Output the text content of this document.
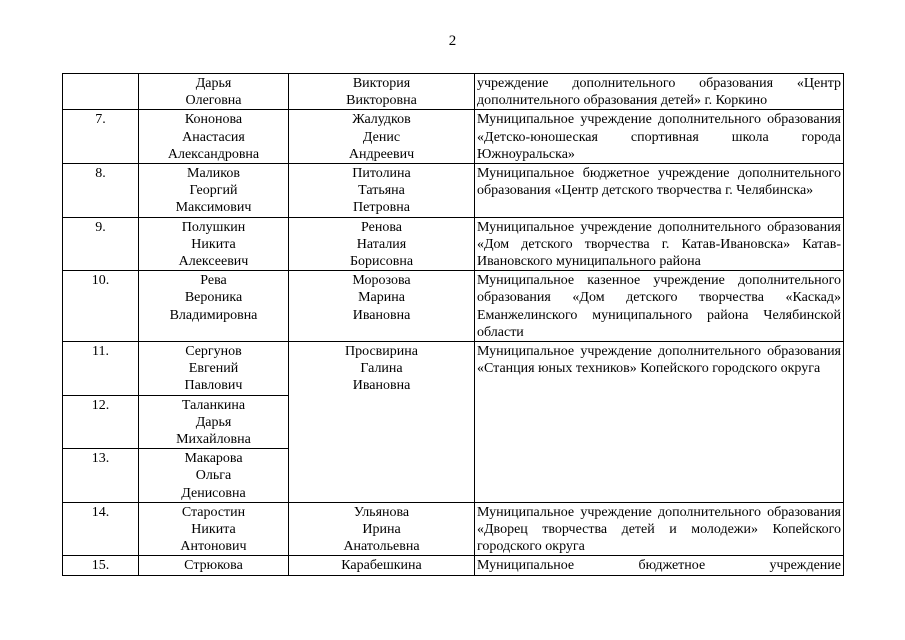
2

	Дарья
Олеговна	Виктория
Викторовна	учреждение дополнительного образования «Центр дополнительного образования детей» г. Коркино
7.	Кононова
Анастасия
Александровна	Жалудков
Денис
Андреевич	Муниципальное учреждение дополнительного образования «Детско-юношеская спортивная школа города Южноуральска»
8.	Маликов
Георгий
Максимович	Питолина
Татьяна
Петровна	Муниципальное бюджетное учреждение дополнительного образования «Центр детского творчества г. Челябинска»
9.	Полушкин
Никита
Алексеевич	Ренова
Наталия
Борисовна	Муниципальное учреждение дополнительного образования «Дом детского творчества г. Катав-Ивановска» Катав-Ивановского муниципального района
10.	Рева
Вероника
Владимировна	Морозова
Марина
Ивановна	Муниципальное казенное учреждение дополнительного образования «Дом детского творчества «Каскад» Еманжелинского муниципального района Челябинской области
11.	Сергунов
Евгений
Павлович	Просвирина
Галина
Ивановна	Муниципальное учреждение дополнительного образования «Станция юных техников» Копейского городского округа
12.	Таланкина
Дарья
Михайловна		

13.	Макарова
Ольга
Денисовна		

14.	Старостин
Никита
Антонович	Ульянова
Ирина
Анатольевна	Муниципальное учреждение дополнительного образования «Дворец творчества детей и молодежи» Копейского городского округа
15.	Стрюкова	Карабешкина	Муниципальное бюджетное учреждение
